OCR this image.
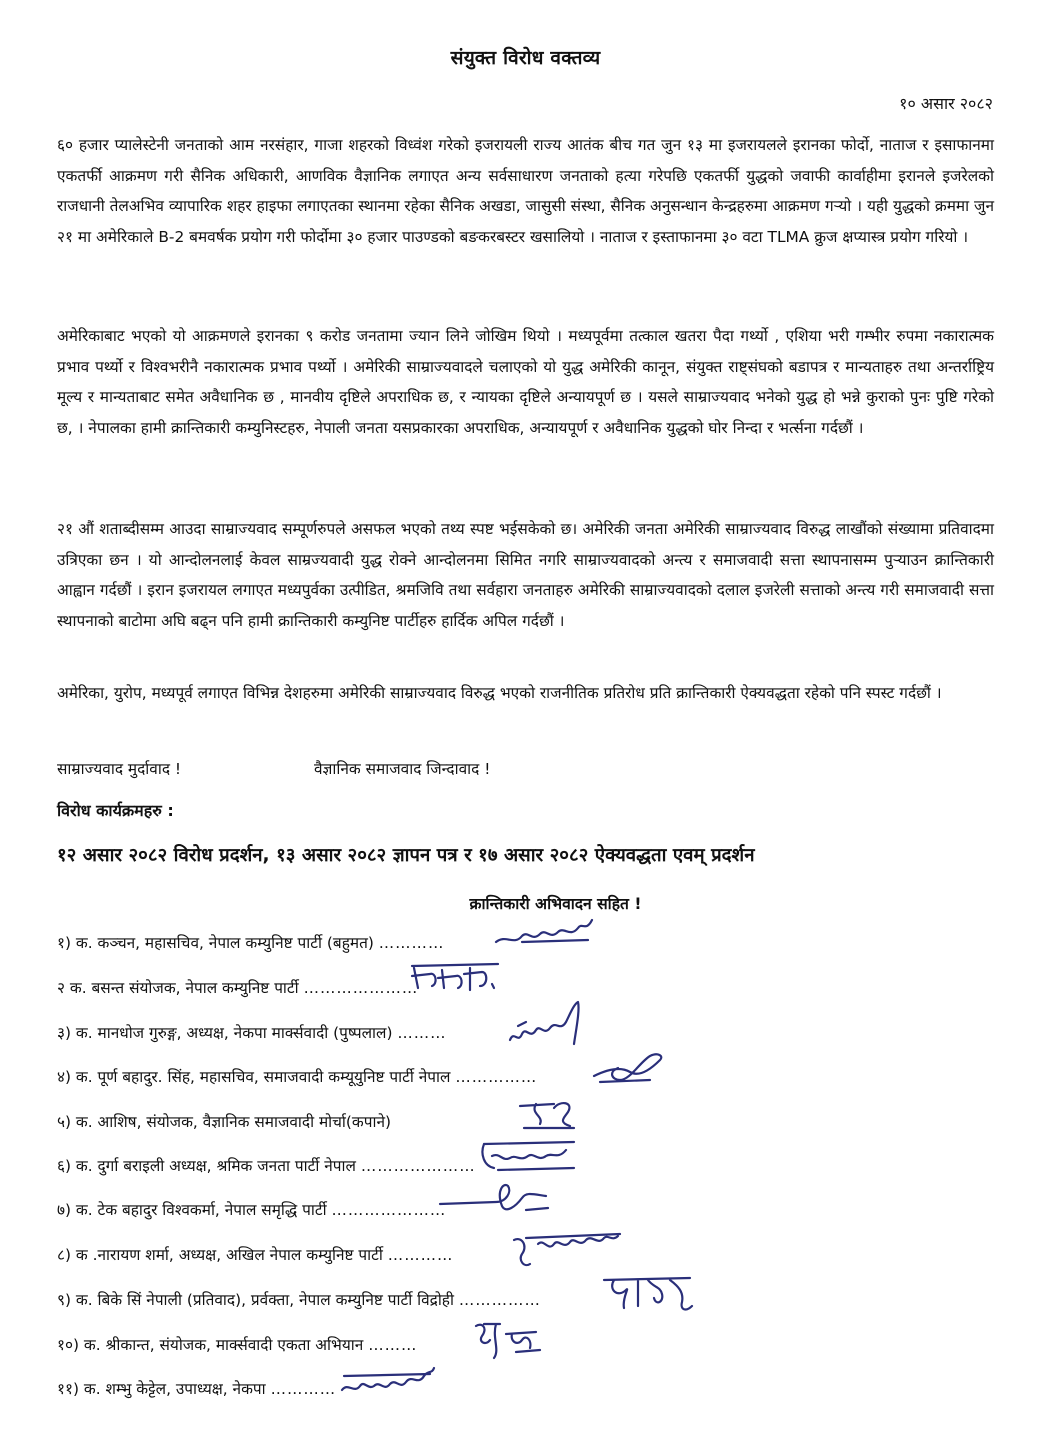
संयुक्त विरोध वक्तव्य
१० असार २०८२

६० हजार प्यालेस्टेनी जनताको आम नरसंहार, गाजा शहरको विध्वंश गरेको इजरायली राज्य आतंक बीच गत जुन १३ मा इजरायलले इरानका फोर्दो, नाताज र इसाफानमा एकतर्फी आक्रमण गरी सैनिक अधिकारी, आणविक वैज्ञानिक लगाएत अन्य सर्वसाधारण जनताको हत्या गरेपछि एकतर्फी युद्धको जवाफी कार्वाहीमा इरानले इजरेलको राजधानी तेलअभिव व्यापारिक शहर हाइफा लगाएतका स्थानमा रहेका सैनिक अखडा, जासुसी संस्था, सैनिक अनुसन्धान केन्द्रहरुमा आक्रमण गऱ्यो । यही युद्धको क्रममा जुन २१ मा अमेरिकाले B-2 बमवर्षक प्रयोग गरी फोर्दोमा ३० हजार पाउण्डको बङकरबस्टर खसालियो । नाताज र इस्ताफानमा ३० वटा TLMA क्रुज क्षप्यास्त्र प्रयोग गरियो ।

अमेरिकाबाट भएको यो आक्रमणले इरानका ९ करोड जनतामा ज्यान लिने जोखिम थियो । मध्यपूर्वमा तत्काल खतरा पैदा गर्थ्यो , एशिया भरी गम्भीर रुपमा नकारात्मक प्रभाव पर्थ्यो र विश्वभरीनै नकारात्मक प्रभाव पर्थ्यो । अमेरिकी साम्राज्यवादले चलाएको यो युद्ध अमेरिकी कानून, संयुक्त राष्ट्संघको बडापत्र र मान्यताहरु तथा अन्तर्राष्ट्रिय मूल्य र मान्यताबाट समेत अवैधानिक छ , मानवीय दृष्टिले अपराधिक छ, र न्यायका दृष्टिले अन्यायपूर्ण छ । यसले साम्राज्यवाद भनेको युद्ध हो भन्ने कुराको पुनः पुष्टि गरेको छ, । नेपालका हामी क्रान्तिकारी कम्युनिस्टहरु, नेपाली जनता यसप्रकारका अपराधिक, अन्यायपूर्ण र अवैधानिक युद्धको घोर निन्दा र भर्त्सना गर्दछौं ।

२१ औं शताब्दीसम्म आउदा साम्राज्यवाद सम्पूर्णरुपले असफल भएको तथ्य स्पष्ट भईसकेको छ। अमेरिकी जनता अमेरिकी साम्राज्यवाद विरुद्ध लाखौंको संख्यामा प्रतिवादमा उत्रिएका छन । यो आन्दोलनलाई केवल साम्रज्यवादी युद्ध रोक्ने आन्दोलनमा सिमित नगरि साम्राज्यवादको अन्त्य र समाजवादी सत्ता स्थापनासम्म पुऱ्याउन क्रान्तिकारी आह्वान गर्दछौं । इरान इजरायल लगाएत मध्यपुर्वका उत्पीडित, श्रमजिवि तथा सर्वहारा जनताहरु अमेरिकी साम्राज्यवादको दलाल इजरेली सत्ताको अन्त्य गरी समाजवादी सत्ता स्थापनाको बाटोमा अघि बढ्न पनि हामी क्रान्तिकारी कम्युनिष्ट पार्टीहरु हार्दिक अपिल गर्दछौं ।

अमेरिका, युरोप, मध्यपूर्व लगाएत विभिन्न देशहरुमा अमेरिकी साम्राज्यवाद विरुद्ध भएको राजनीतिक प्रतिरोध प्रति क्रान्तिकारी ऐक्यवद्धता रहेको पनि स्पस्ट गर्दछौं ।

साम्राज्यवाद मुर्दावाद !	वैज्ञानिक समाजवाद जिन्दावाद !
विरोध कार्यक्रमहरु :
१२ असार २०८२ विरोध प्रदर्शन, १३ असार २०८२ ज्ञापन पत्र र १७ असार २०८२ ऐक्यवद्धता एवम् प्रदर्शन
क्रान्तिकारी अभिवादन सहित !
१) क. कञ्चन, महासचिव, नेपाल कम्युनिष्ट पार्टी (बहुमत) …………
२ क. बसन्त संयोजक, नेपाल कम्युनिष्ट पार्टी …………………
३) क. मानधोज गुरुङ्ग, अध्यक्ष, नेकपा मार्क्सवादी (पुष्पलाल) ………
४) क. पूर्ण बहादुर. सिंह, महासचिव, समाजवादी कम्यूयुनिष्ट पार्टी नेपाल ……………
५) क. आशिष, संयोजक, वैज्ञानिक समाजवादी मोर्चा(कपाने)
६) क. दुर्गा बराइली अध्यक्ष, श्रमिक जनता पार्टी नेपाल …………………
७) क. टेक बहादुर विश्वकर्मा, नेपाल समृद्धि पार्टी …………………
८) क .नारायण शर्मा, अध्यक्ष, अखिल नेपाल कम्युनिष्ट पार्टी …………
९) क. बिके सिं नेपाली (प्रतिवाद), प्रर्वक्ता, नेपाल कम्युनिष्ट पार्टी विद्रोही ……………
१०) क. श्रीकान्त, संयोजक, मार्क्सवादी एकता अभियान ………
११) क. शम्भु केट्टेल, उपाध्यक्ष, नेकपा …………
